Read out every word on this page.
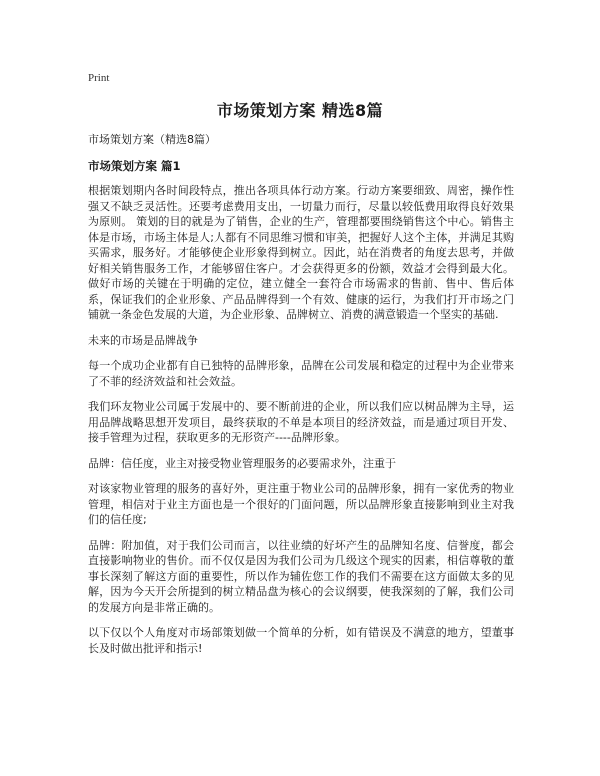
Print
市场策划方案 精选8篇

市场策划方案（精选8篇）

市场策划方案 篇1

根据策划期内各时间段特点，推出各项具体行动方案。行动方案要细致、周密，操作性强又不缺乏灵活性。还要考虑费用支出，一切量力而行，尽量以较低费用取得良好效果为原则。 策划的目的就是为了销售，企业的生产，管理都要围绕销售这个中心。销售主体是市场，市场主体是人;人都有不同思维习惯和审美，把握好人这个主体，并满足其购买需求，服务好。才能够使企业形象得到树立。因此，站在消费者的角度去思考，并做好相关销售服务工作，才能够留住客户。才会获得更多的份额，效益才会得到最大化。做好市场的关键在于明确的定位，建立健全一套符合市场需求的售前、售中、售后体系，保证我们的企业形象、产品品牌得到一个有效、健康的运行，为我们打开市场之门铺就一条金色发展的大道，为企业形象、品牌树立、消费的满意锻造一个坚实的基础.

未来的市场是品牌战争

每一个成功企业都有自已独特的品牌形象，品牌在公司发展和稳定的过程中为企业带来了不菲的经济效益和社会效益。

我们环友物业公司属于发展中的、要不断前进的企业，所以我们应以树品牌为主导，运用品牌战略思想开发项目，最终获取的不单是本项目的经济效益，而是通过项目开发、接手管理为过程，获取更多的无形资产----品牌形象。

品牌：信任度，业主对接受物业管理服务的必要需求外，注重于

对该家物业管理的服务的喜好外，更注重于物业公司的品牌形象，拥有一家优秀的物业管理，相信对于业主方面也是一个很好的门面问题，所以品牌形象直接影响到业主对我们的信任度;

品牌：附加值，对于我们公司而言，以往业绩的好坏产生的品牌知名度、信誉度，都会直接影响物业的售价。而不仅仅是因为我们公司为几级这个现实的因素，相信尊敬的董事长深刻了解这方面的重要性，所以作为辅佐您工作的我们不需要在这方面做太多的见解，因为今天开会所提到的树立精品盘为核心的会议纲要，使我深刻的了解，我们公司的发展方向是非常正确的。

以下仅以个人角度对市场部策划做一个简单的分析，如有错误及不满意的地方，望董事长及时做出批评和指示!
